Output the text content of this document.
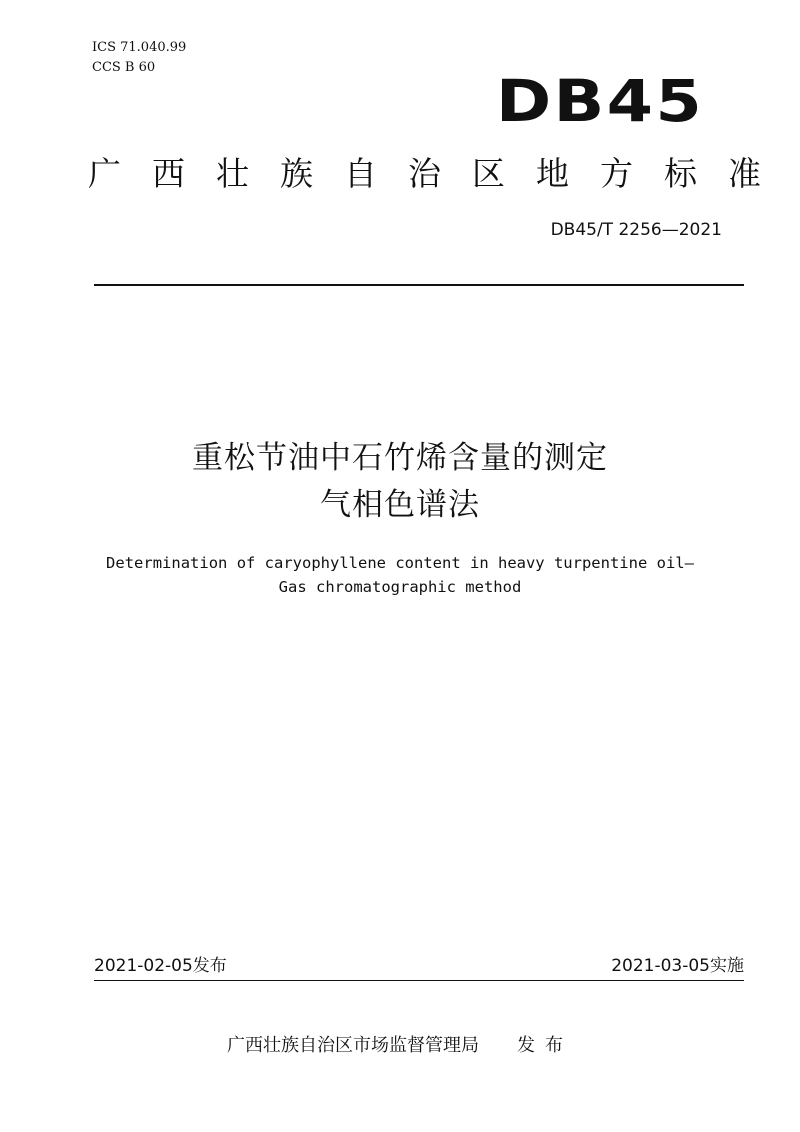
ICS 71.040.99
CCS B 60	DB45
广西壮族自治区地方标准
DB45/T 2256—2021
重松节油中石竹烯含量的测定
气相色谱法
Determination of caryophyllene content in heavy turpentine oil—
Gas chromatographic method
2021-02-05发布	2021-03-05实施
广西壮族自治区市场监督管理局 发布
